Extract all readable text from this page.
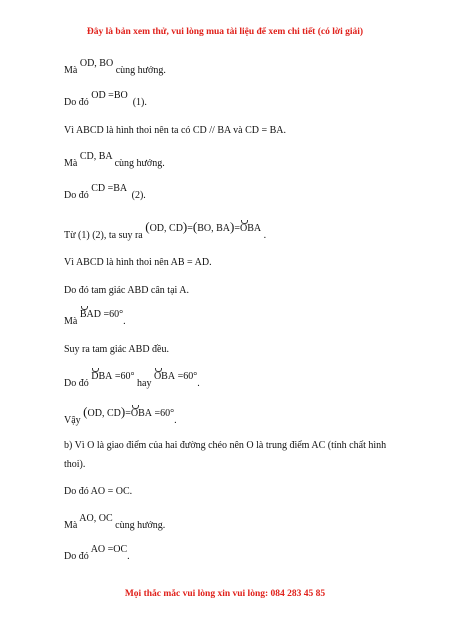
Đây là bản xem thử, vui lòng mua tài liệu để xem chi tiết (có lời giải)
Mà OD, BO cùng hướng.
Do đó OD =BO  (1).
Vì ABCD là hình thoi nên ta có CD // BA và CD = BA.
Mà CD, BA cùng hướng.
Do đó CD =BA  (2).
Từ (1) (2), ta suy ra (OD, CD)=(BO, BA)=OBA .
Vì ABCD là hình thoi nên AB = AD.
Do đó tam giác ABD cân tại A.
Mà BAD =60°.
Suy ra tam giác ABD đều.
Do đó DBA =60° hay OBA =60°.
Vậy (OD, CD)=OBA =60°.
b) Vì O là giao điểm của hai đường chéo nên O là trung điểm AC (tính chất hình thoi).
Do đó AO = OC.
Mà AO, OC cùng hướng.
Do đó AO =OC.
Mọi thắc mắc vui lòng xin vui lòng: 084 283 45 85
